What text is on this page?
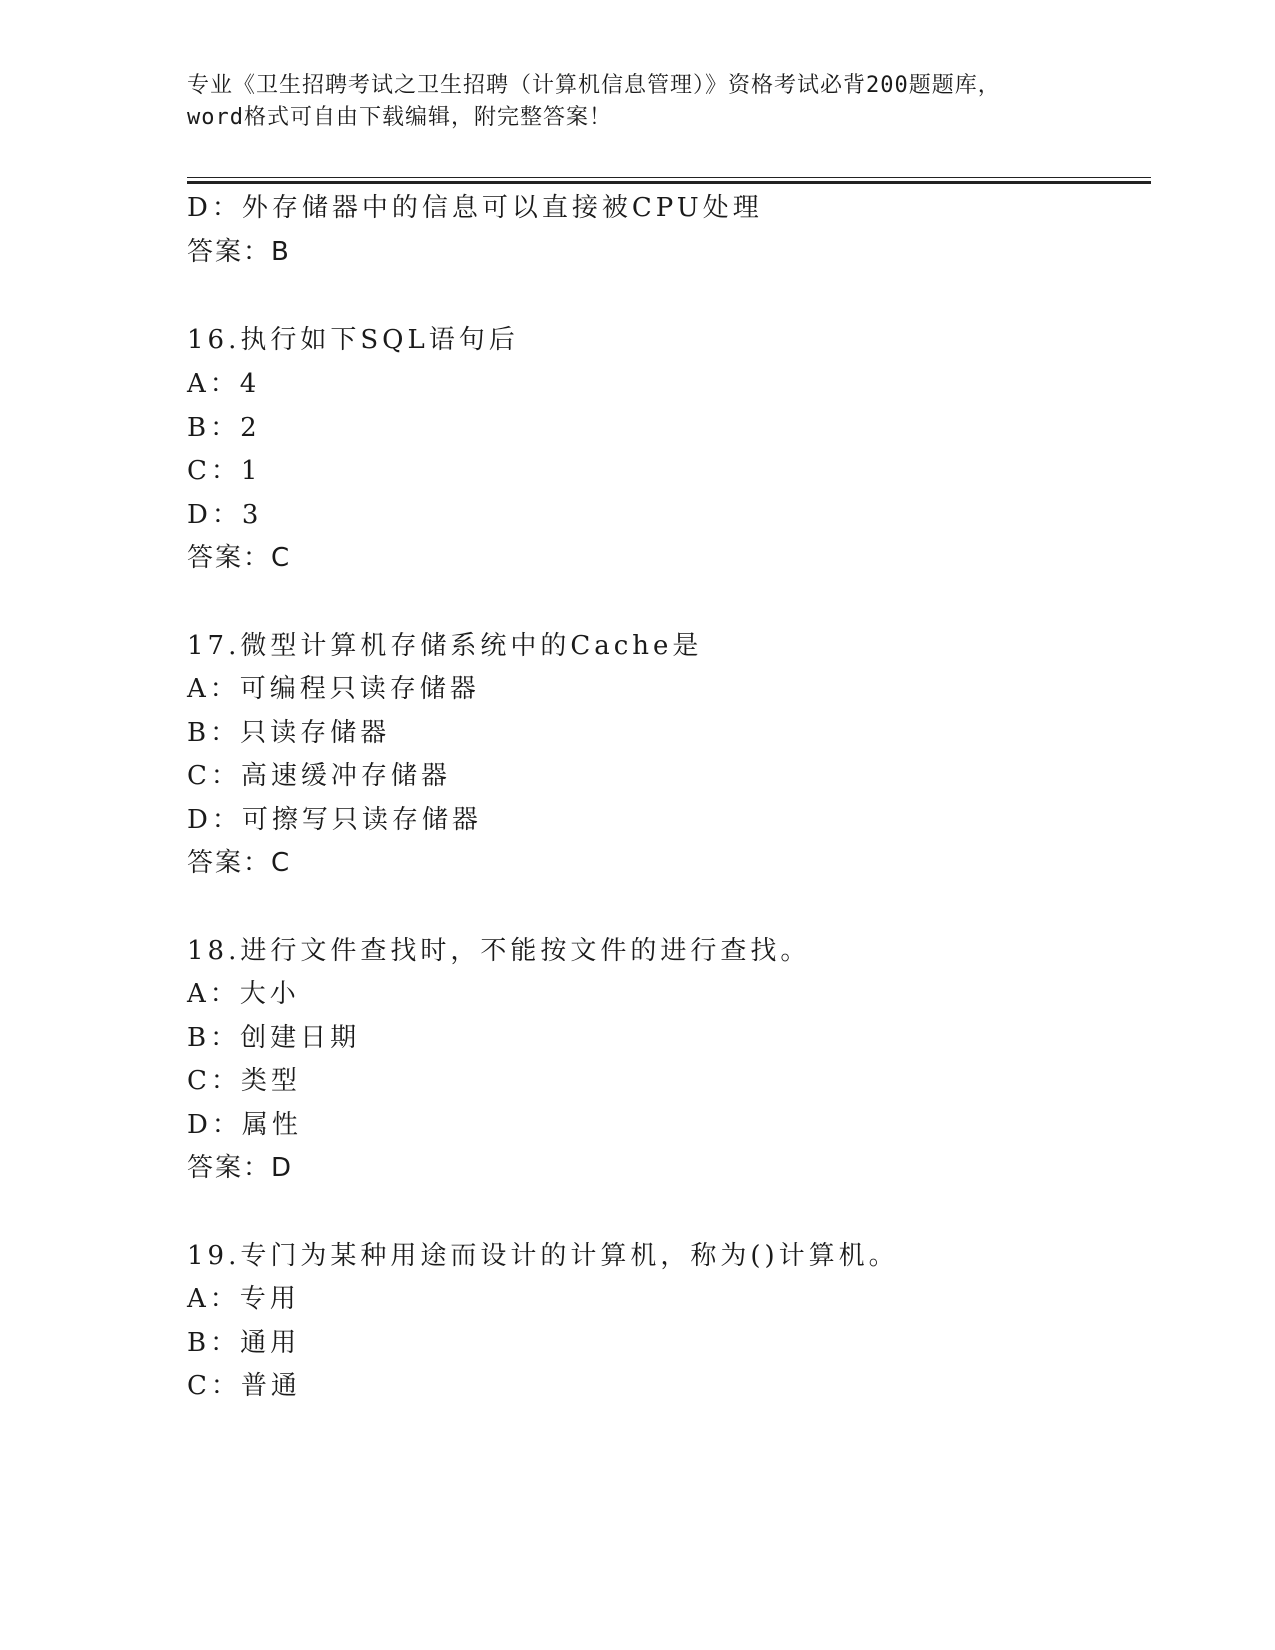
专业《卫生招聘考试之卫生招聘（计算机信息管理）》资格考试必背200题题库，
word格式可自由下载编辑，附完整答案！
D：外存储器中的信息可以直接被CPU处理
答案：B
16.执行如下SQL语句后
A：4
B：2
C：1
D：3
答案：C
17.微型计算机存储系统中的Cache是
A：可编程只读存储器
B：只读存储器
C：高速缓冲存储器
D：可擦写只读存储器
答案：C
18.进行文件查找时，不能按文件的进行查找。
A：大小
B：创建日期
C：类型
D：属性
答案：D
19.专门为某种用途而设计的计算机，称为()计算机。
A：专用
B：通用
C：普通
